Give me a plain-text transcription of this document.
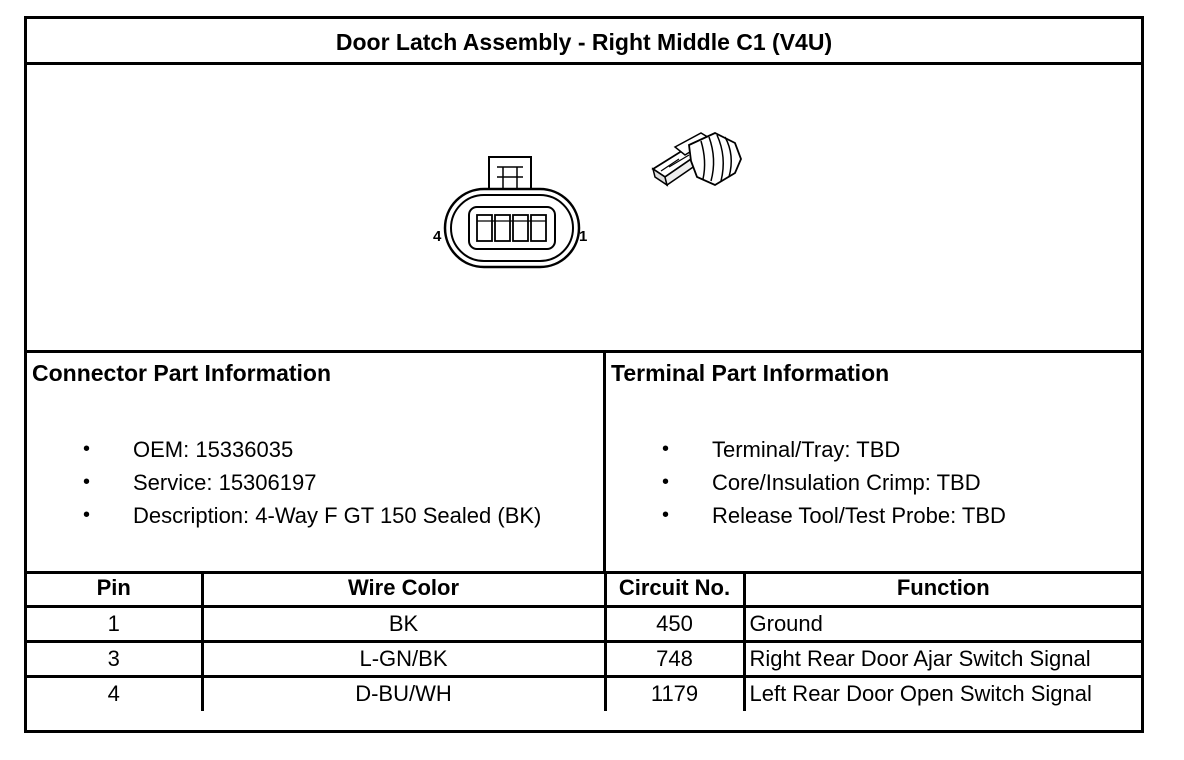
Door Latch Assembly - Right Middle C1 (V4U)
4	1
Connector Part Information
• OEM: 15336035
• Service: 15306197
• Description: 4-Way F GT 150 Sealed (BK)
Terminal Part Information
• Terminal/Tray: TBD
• Core/Insulation Crimp: TBD
• Release Tool/Test Probe: TBD
Pin	Wire Color	Circuit No.	Function
1	BK	450	Ground
3	L-GN/BK	748	Right Rear Door Ajar Switch Signal
4	D-BU/WH	1179	Left Rear Door Open Switch Signal
